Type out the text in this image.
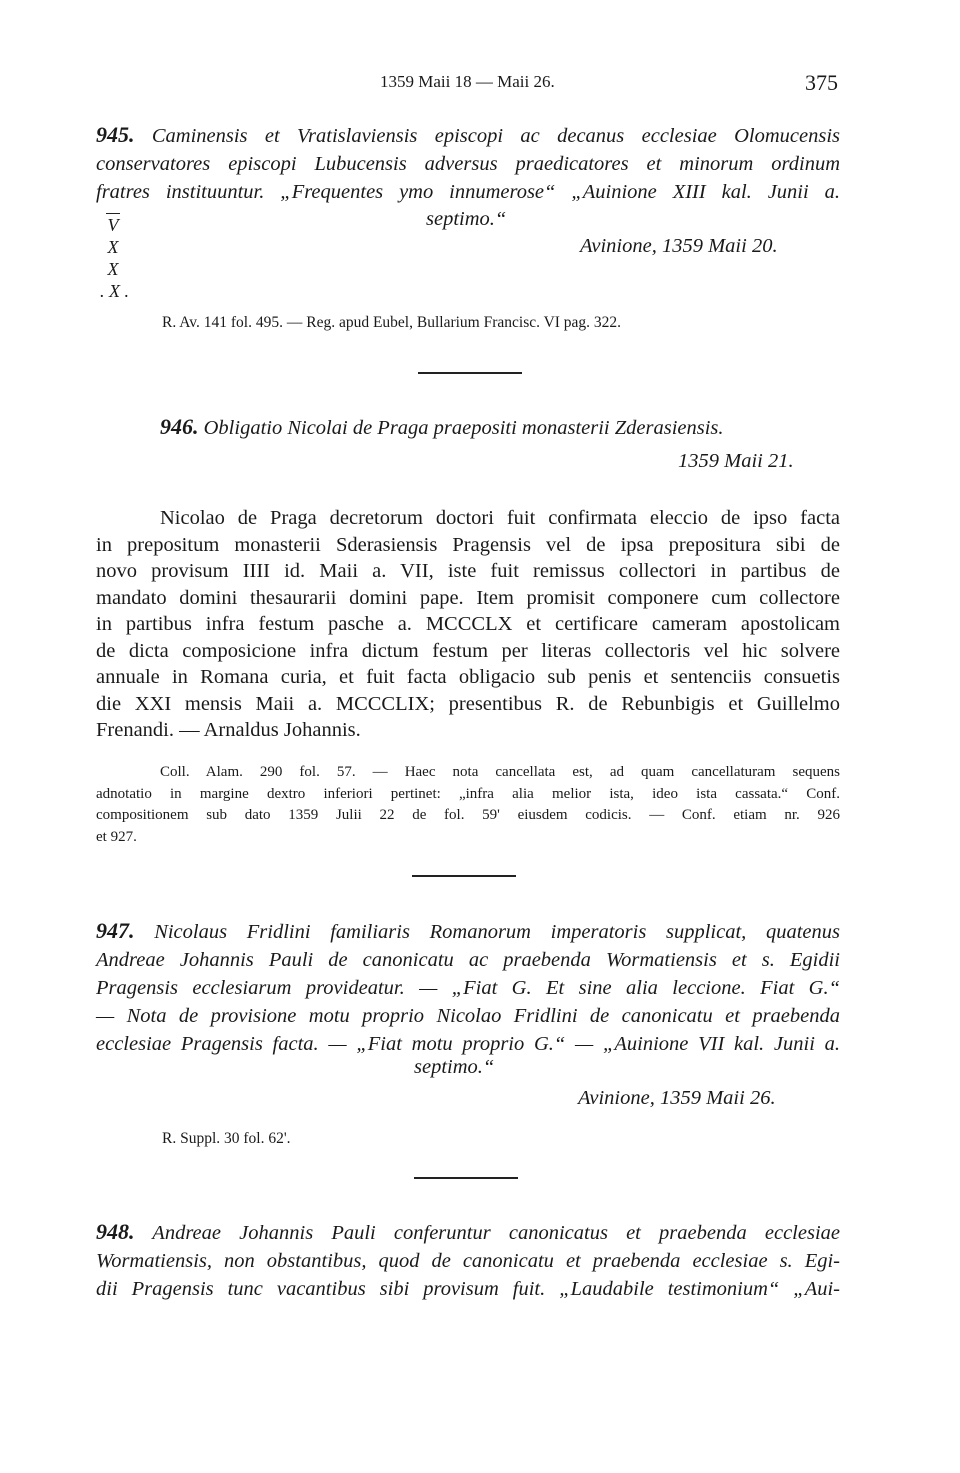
1359 Maii 18 — Maii 26.	375
945. Caminensis et Vratislaviensis episcopi ac decanus ecclesiae Olomucensis
conservatores episcopi Lubucensis adversus praedicatores et minorum ordinum
fratres instituuntur. „Frequentes ymo innumerose“ „Auinione XIII kal. Junii a.
septimo.“
V
X
X
. X .
Avinione, 1359 Maii 20.
R. Av. 141 fol. 495. — Reg. apud Eubel, Bullarium Francisc. VI pag. 322.
946. Obligatio Nicolai de Praga praepositi monasterii Zderasiensis.
1359 Maii 21.
Nicolao de Praga decretorum doctori fuit confirmata eleccio de ipso facta
in prepositum monasterii Sderasiensis Pragensis vel de ipsa prepositura sibi de
novo provisum IIII id. Maii a. VII, iste fuit remissus collectori in partibus de
mandato domini thesaurarii domini pape. Item promisit componere cum collectore
in partibus infra festum pasche a. MCCCLX et certificare cameram apostolicam
de dicta composicione infra dictum festum per literas collectoris vel hic solvere
annuale in Romana curia, et fuit facta obligacio sub penis et sentenciis consuetis
die XXI mensis Maii a. MCCCLIX; presentibus R. de Rebunbigis et Guillelmo
Frenandi. — Arnaldus Johannis.
Coll. Alam. 290 fol. 57. — Haec nota cancellata est, ad quam cancellaturam sequens
adnotatio in margine dextro inferiori pertinet: „infra alia melior ista, ideo ista cassata.“ Conf.
compositionem sub dato 1359 Julii 22 de fol. 59' eiusdem codicis. — Conf. etiam nr. 926
et 927.
947. Nicolaus Fridlini familiaris Romanorum imperatoris supplicat, quatenus
Andreae Johannis Pauli de canonicatu ac praebenda Wormatiensis et s. Egidii
Pragensis ecclesiarum provideatur. — „Fiat G. Et sine alia leccione. Fiat G.“
— Nota de provisione motu proprio Nicolao Fridlini de canonicatu et praebenda
ecclesiae Pragensis facta. — „Fiat motu proprio G.“ — „Auinione VII kal. Junii a.
septimo.“
Avinione, 1359 Maii 26.
R. Suppl. 30 fol. 62'.
948. Andreae Johannis Pauli conferuntur canonicatus et praebenda ecclesiae
Wormatiensis, non obstantibus, quod de canonicatu et praebenda ecclesiae s. Egi-
dii Pragensis tunc vacantibus sibi provisum fuit. „Laudabile testimonium“ „Aui-
